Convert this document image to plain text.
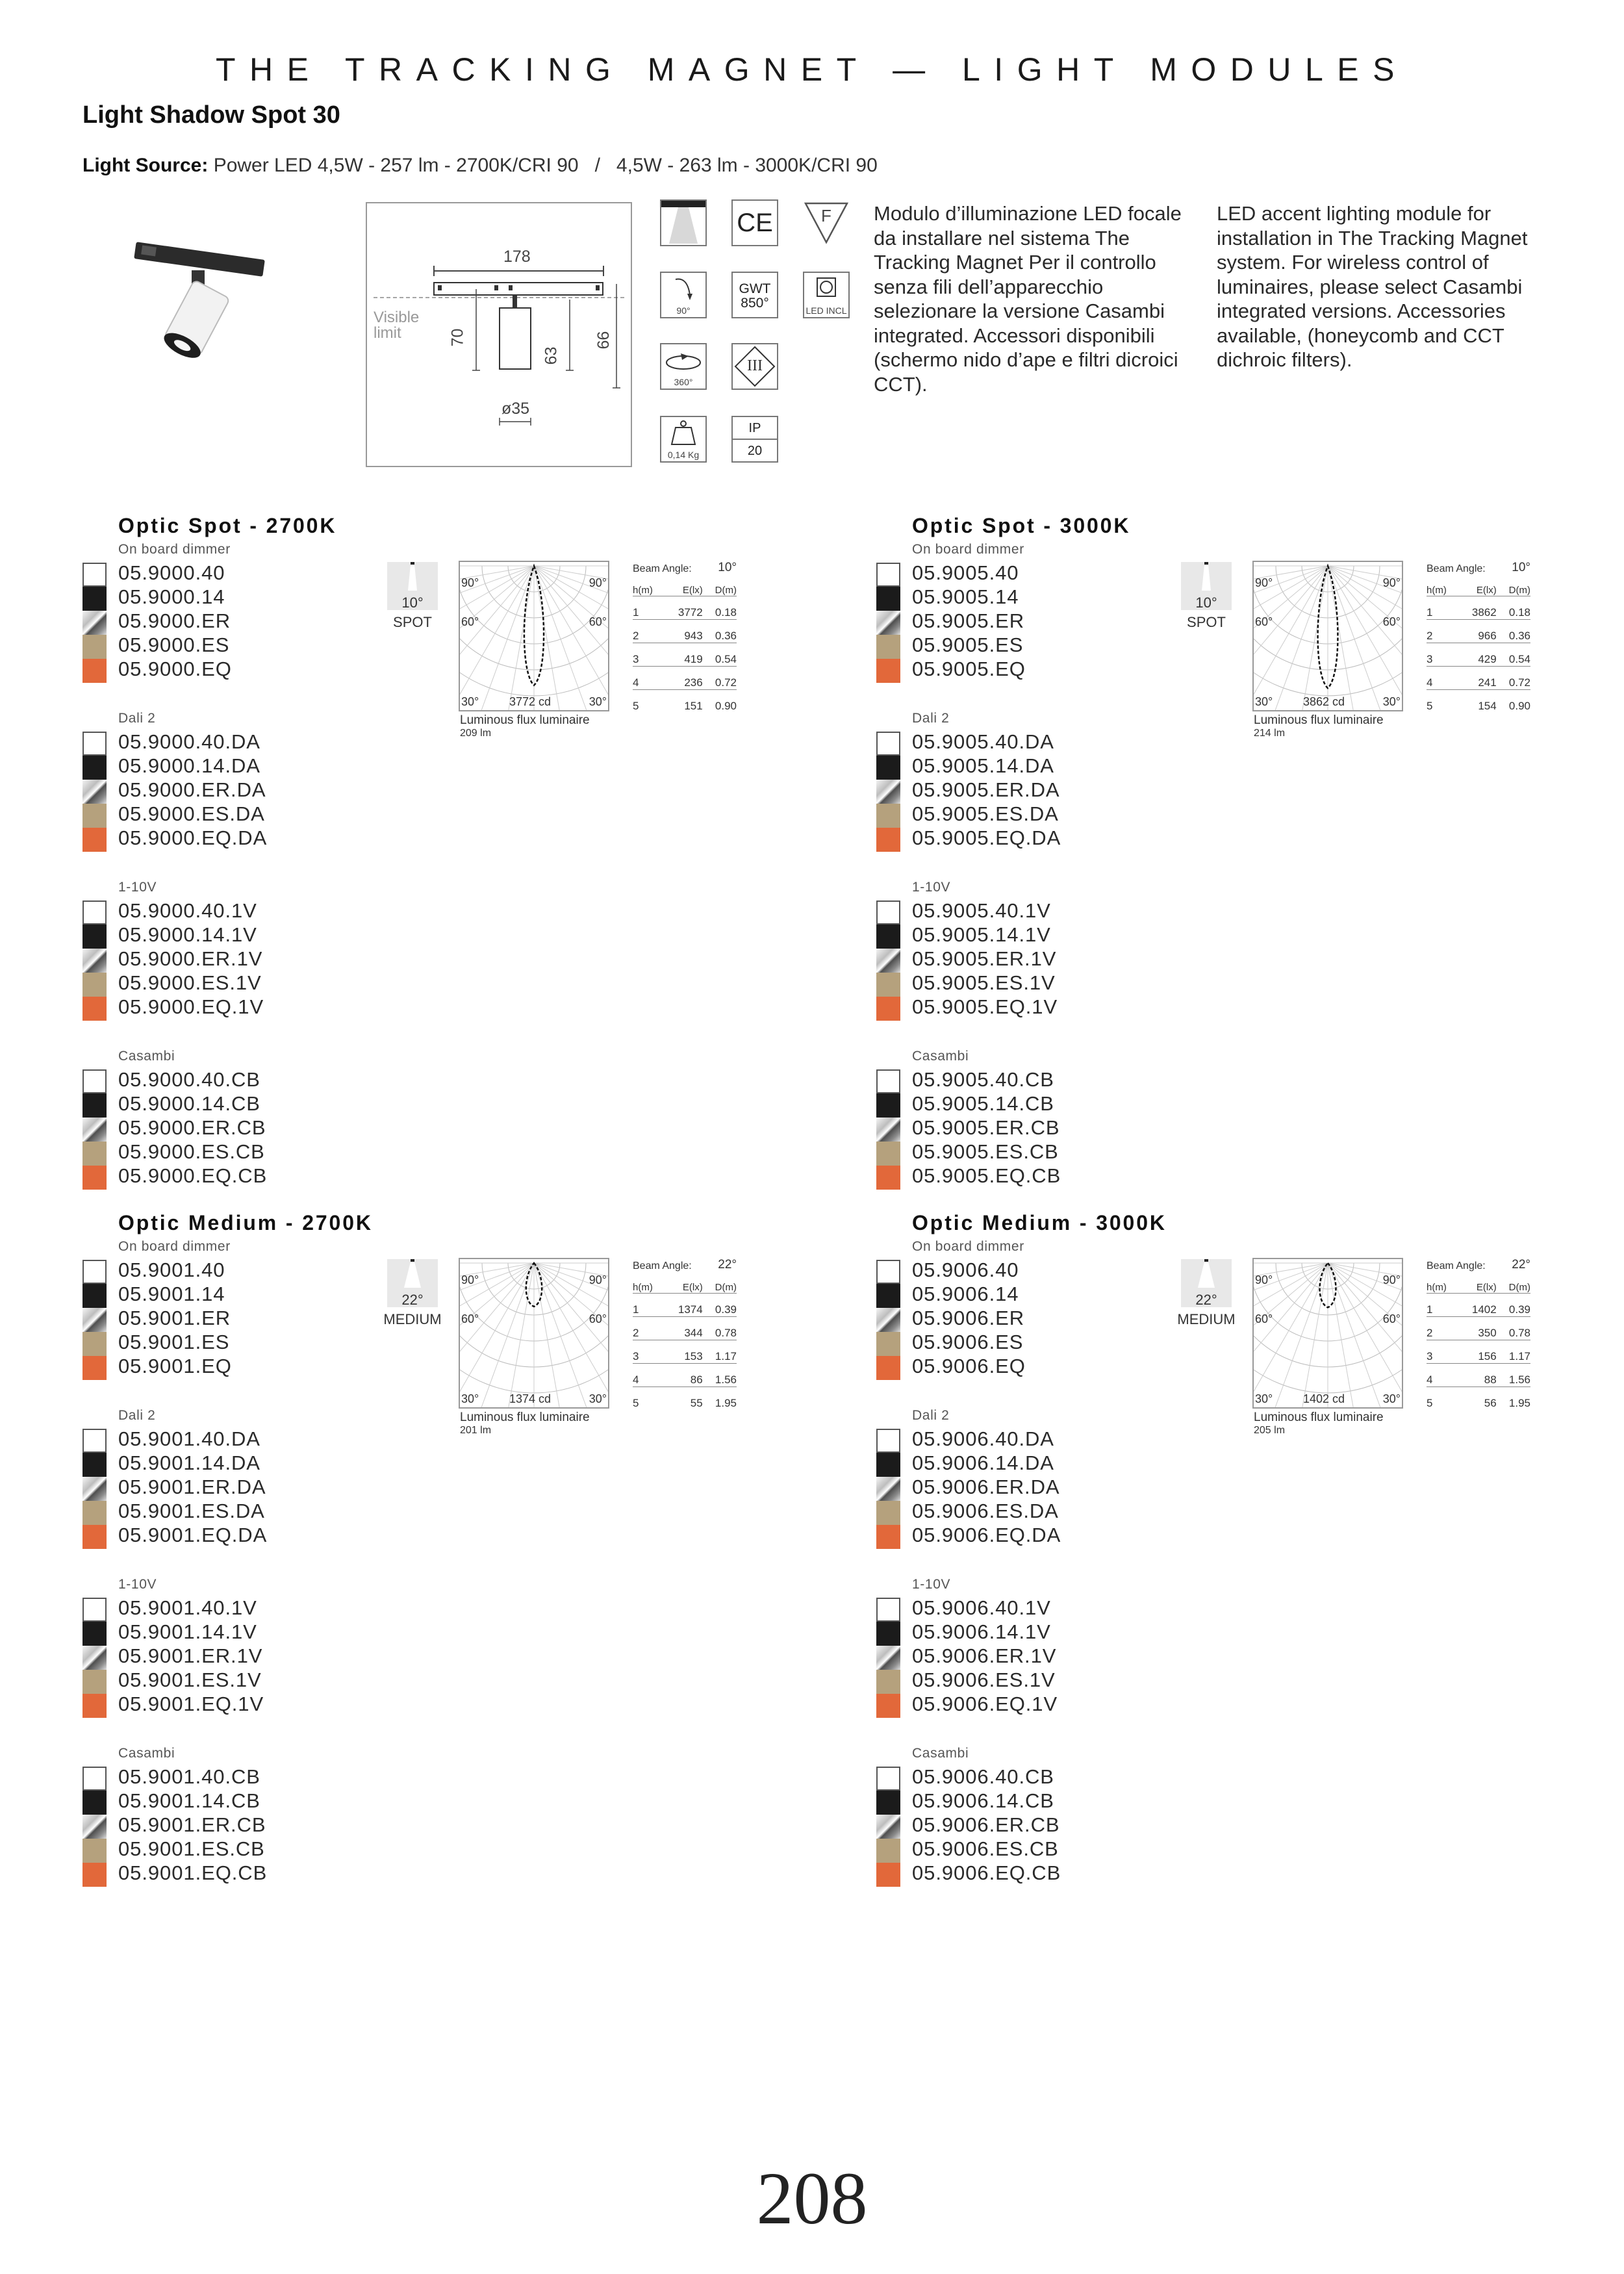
THE TRACKING MAGNET — LIGHT MODULES
Light Shadow Spot 30
Light Source: Power LED 4,5W - 257 lm - 2700K/CRI 90   /   4,5W - 263 lm - 3000K/CRI 90
178
Visible limit	70
63
99
ø35
CE	F
90°
GWT
850°	LED INCL
360°
III
0,14 Kg
IP
20
Modulo d’illuminazione LED focale da installare nel sistema The Tracking Magnet Per il controllo senza fili dell’apparecchio selezionare la versione Casambi integrated. Accessori disponibili (schermo nido d’ape e filtri dicroici CCT).
LED accent lighting module for installation in The Tracking Magnet system. For wireless control of luminaires, please select Casambi integrated versions. Accessories available, (honeycomb and CCT dichroic filters).
Optic Spot - 2700K
On board dimmer
05.9000.40
05.9000.14
05.9000.ER
05.9000.ES
05.9000.EQ
Dali 2
05.9000.40.DA
05.9000.14.DA
05.9000.ER.DA
05.9000.ES.DA
05.9000.EQ.DA
1-10V
05.9000.40.1V
05.9000.14.1V
05.9000.ER.1V
05.9000.ES.1V
05.9000.EQ.1V
Casambi
05.9000.40.CB
05.9000.14.CB
05.9000.ER.CB
05.9000.ES.CB
05.9000.EQ.CB
10°
SPOT
90°	90°
60°	60°
30°	30°
3772 cd
Luminous flux luminaire
209 lm
Beam Angle: 10°
h(m)	E(lx)	D(m)
1	3772	0.18
2	943	0.36
3	419	0.54
4	236	0.72
5	151	0.90
Optic Spot - 3000K
On board dimmer
05.9005.40
05.9005.14
05.9005.ER
05.9005.ES
05.9005.EQ
Dali 2
05.9005.40.DA
05.9005.14.DA
05.9005.ER.DA
05.9005.ES.DA
05.9005.EQ.DA
1-10V
05.9005.40.1V
05.9005.14.1V
05.9005.ER.1V
05.9005.ES.1V
05.9005.EQ.1V
Casambi
05.9005.40.CB
05.9005.14.CB
05.9005.ER.CB
05.9005.ES.CB
05.9005.EQ.CB
10°
SPOT
90°	90°
60°	60°
30°	30°
3862 cd
Luminous flux luminaire
214 lm
Beam Angle: 10°
h(m)	E(lx)	D(m)
1	3862	0.18
2	966	0.36
3	429	0.54
4	241	0.72
5	154	0.90
Optic Medium - 2700K
On board dimmer
05.9001.40
05.9001.14
05.9001.ER
05.9001.ES
05.9001.EQ
Dali 2
05.9001.40.DA
05.9001.14.DA
05.9001.ER.DA
05.9001.ES.DA
05.9001.EQ.DA
1-10V
05.9001.40.1V
05.9001.14.1V
05.9001.ER.1V
05.9001.ES.1V
05.9001.EQ.1V
Casambi
05.9001.40.CB
05.9001.14.CB
05.9001.ER.CB
05.9001.ES.CB
05.9001.EQ.CB
22°
MEDIUM
90°	90°
60°	60°
30°	30°
1374 cd
Luminous flux luminaire
201 lm
Beam Angle: 22°
h(m)	E(lx)	D(m)
1	1374	0.39
2	344	0.78
3	153	1.17
4	86	1.56
5	55	1.95
Optic Medium - 3000K
On board dimmer
05.9006.40
05.9006.14
05.9006.ER
05.9006.ES
05.9006.EQ
Dali 2
05.9006.40.DA
05.9006.14.DA
05.9006.ER.DA
05.9006.ES.DA
05.9006.EQ.DA
1-10V
05.9006.40.1V
05.9006.14.1V
05.9006.ER.1V
05.9006.ES.1V
05.9006.EQ.1V
Casambi
05.9006.40.CB
05.9006.14.CB
05.9006.ER.CB
05.9006.ES.CB
05.9006.EQ.CB
22°
MEDIUM
90°	90°
60°	60°
30°	30°
1402 cd
Luminous flux luminaire
205 lm
Beam Angle: 22°
h(m)	E(lx)	D(m)
1	1402	0.39
2	350	0.78
3	156	1.17
4	88	1.56
5	56	1.95
208
